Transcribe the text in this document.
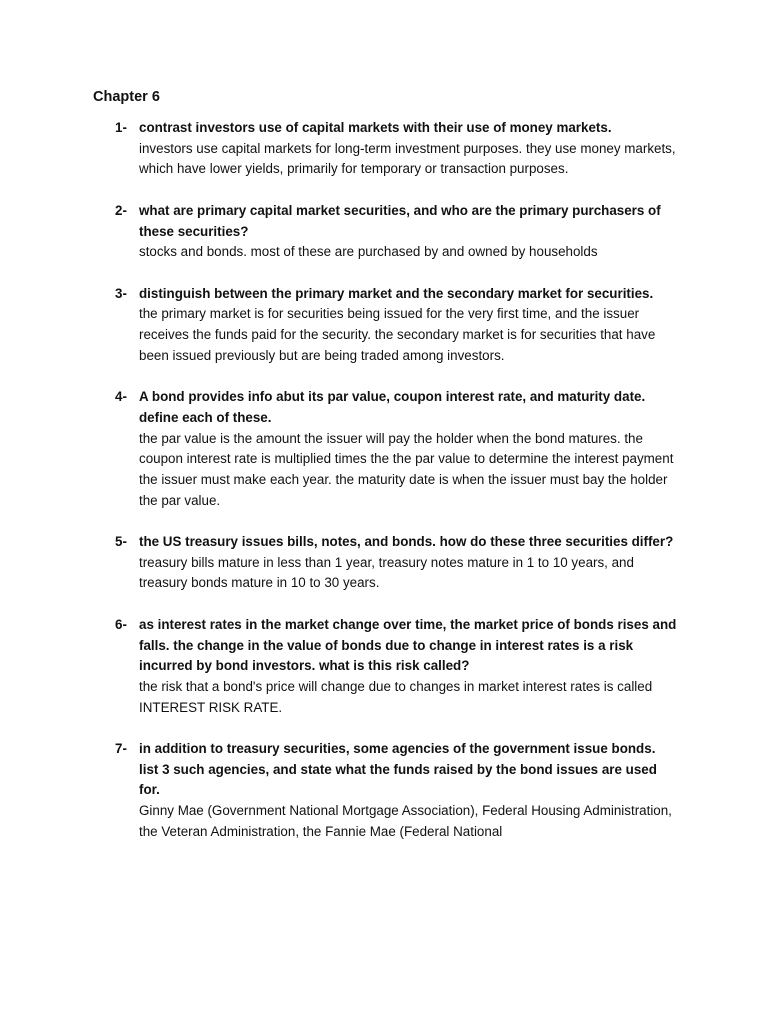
Chapter 6
1- contrast investors use of capital markets with their use of money markets.

investors use capital markets for long-term investment purposes. they use money markets, which have lower yields, primarily for temporary or transaction purposes.

2- what are primary capital market securities, and who are the primary purchasers of these securities?

stocks and bonds. most of these are purchased by and owned by households

3- distinguish between the primary market and the secondary market for securities.

the primary market is for securities being issued for the very first time, and the issuer receives the funds paid for the security. the secondary market is for securities that have been issued previously but are being traded among investors.

4- A bond provides info abut its par value, coupon interest rate, and maturity date. define each of these.

the par value is the amount the issuer will pay the holder when the bond matures. the coupon interest rate is multiplied times the the par value to determine the interest payment the issuer must make each year. the maturity date is when the issuer must bay the holder the par value.

5- the US treasury issues bills, notes, and bonds. how do these three securities differ?

treasury bills mature in less than 1 year, treasury notes mature in 1 to 10 years, and treasury bonds mature in 10 to 30 years.

6- as interest rates in the market change over time, the market price of bonds rises and falls. the change in the value of bonds due to change in interest rates is a risk incurred by bond investors. what is this risk called?

the risk that a bond's price will change due to changes in market interest rates is called INTEREST RISK RATE.

7- in addition to treasury securities, some agencies of the government issue bonds. list 3 such agencies, and state what the funds raised by the bond issues are used for.

Ginny Mae (Government National Mortgage Association), Federal Housing Administration, the Veteran Administration, the Fannie Mae (Federal National
